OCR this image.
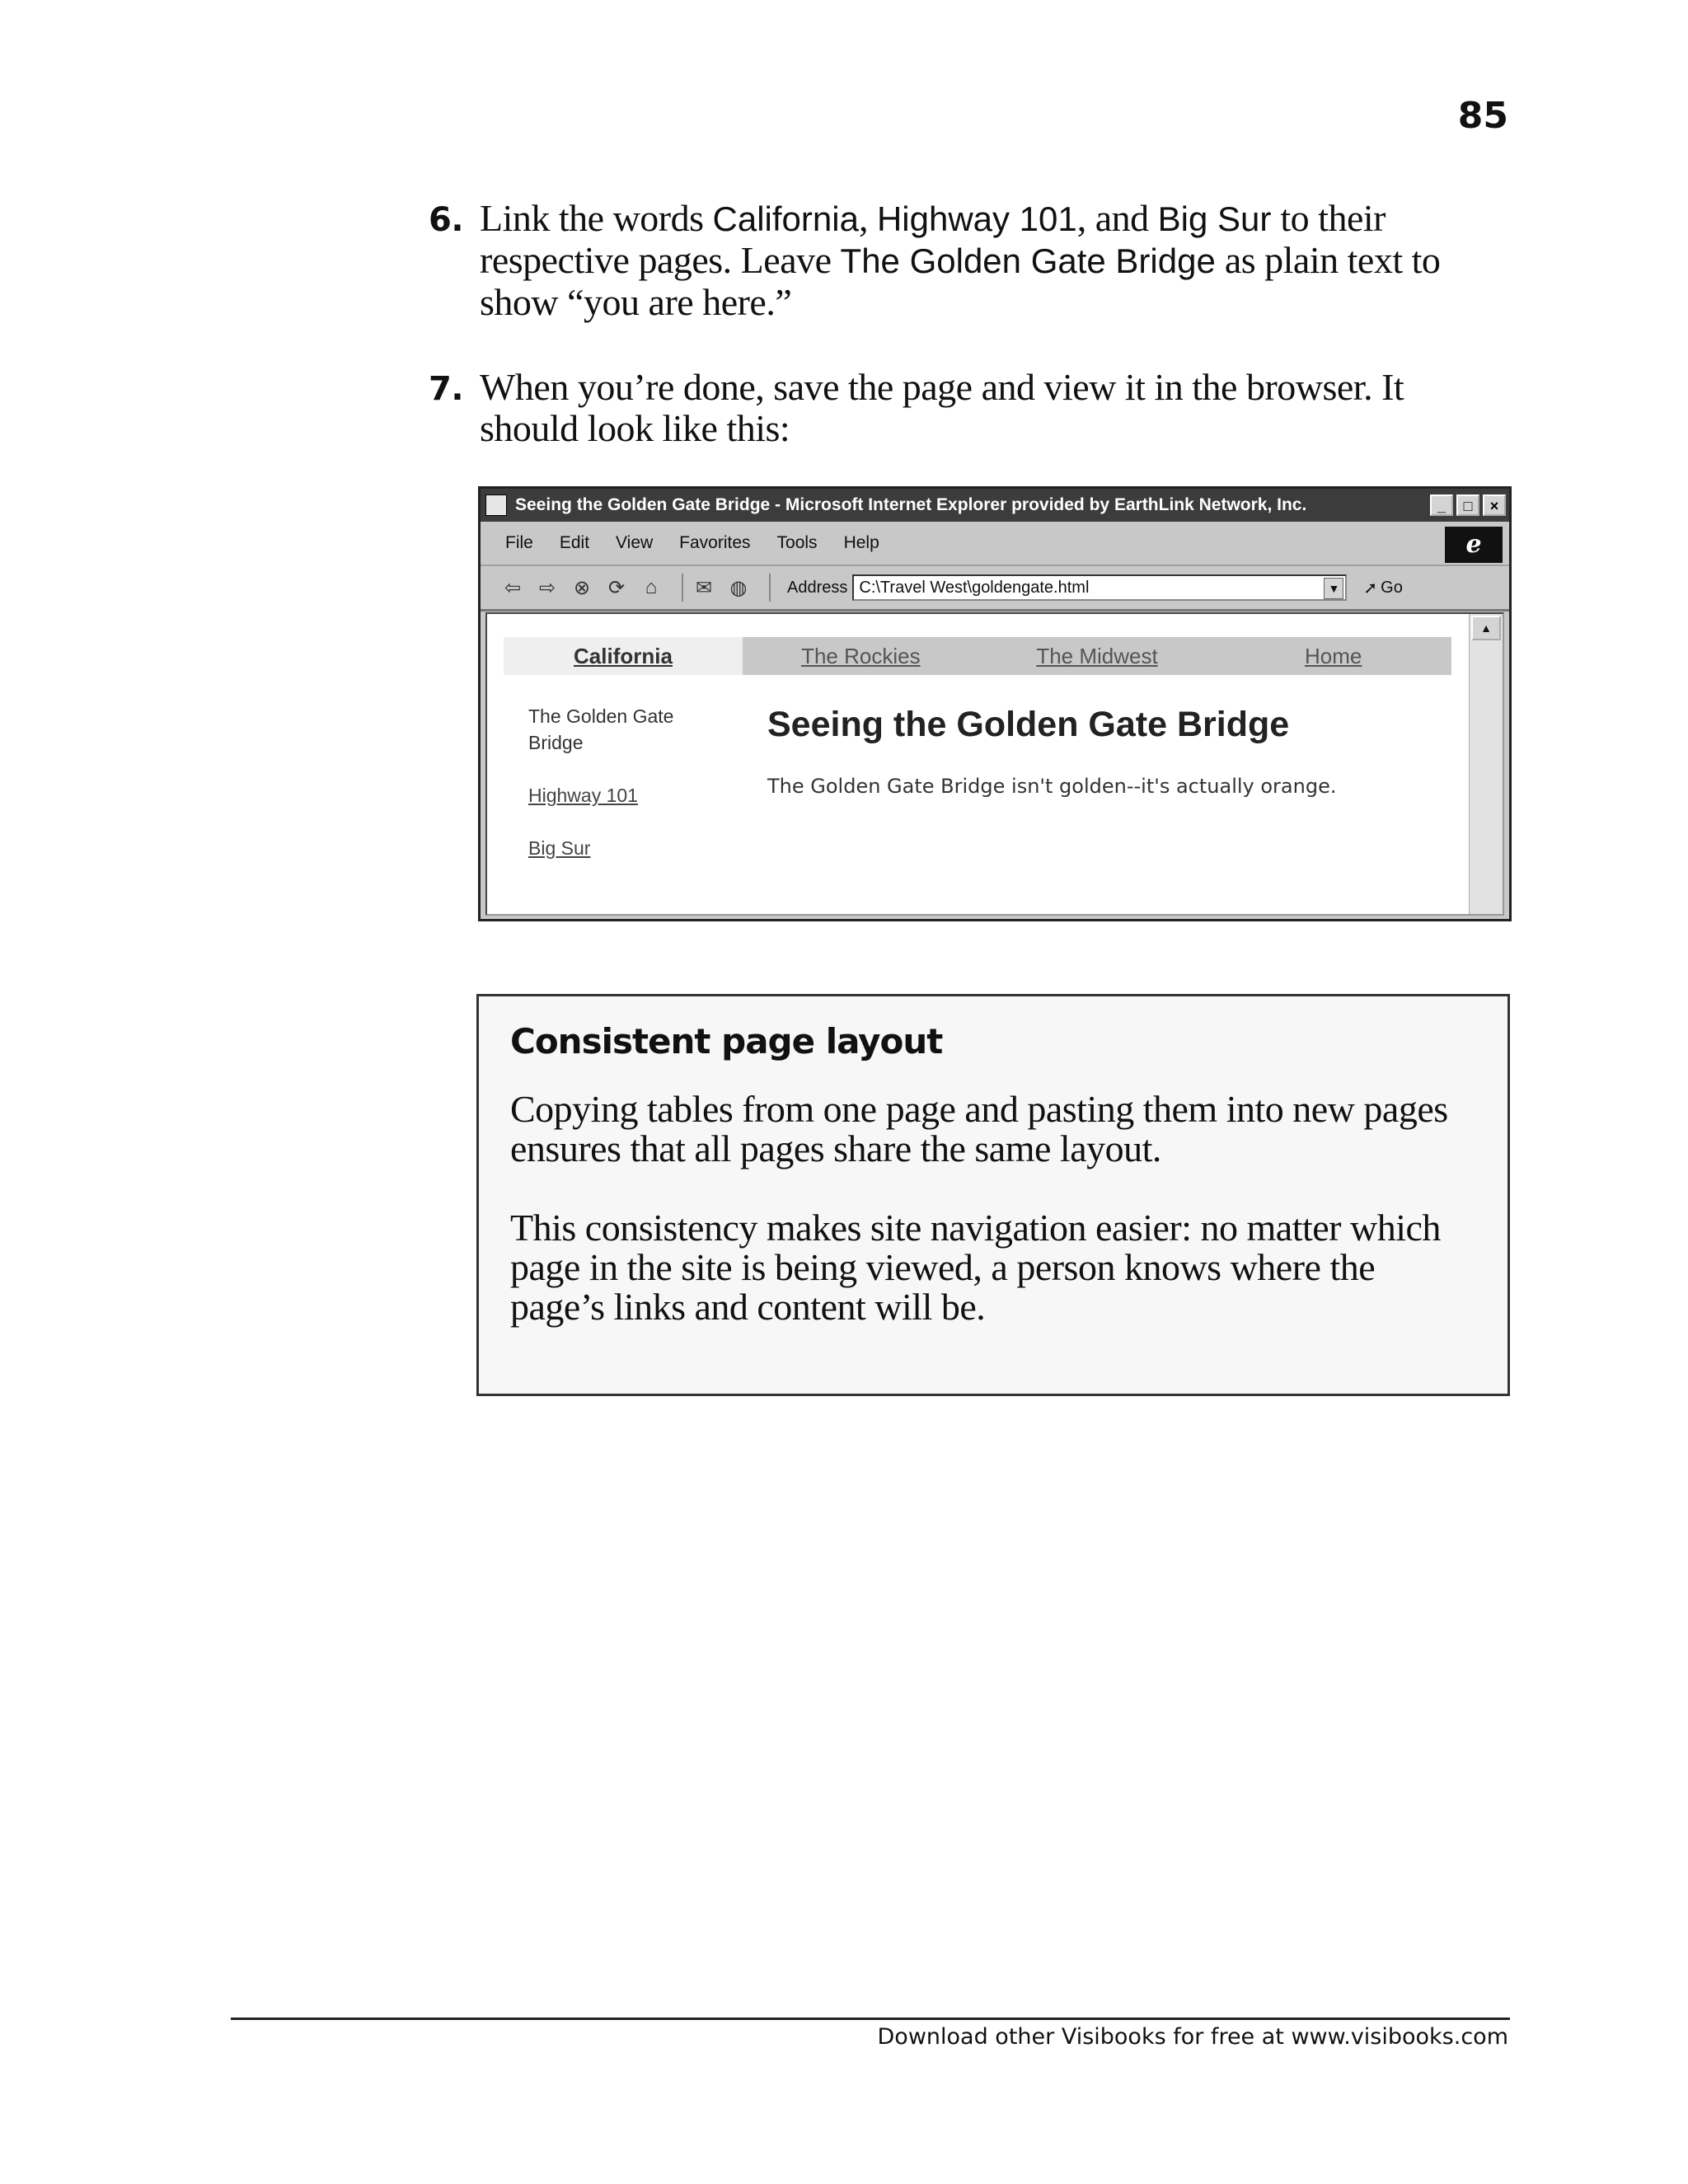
85
6. Link the words California, Highway 101, and Big Sur to their respective pages. Leave The Golden Gate Bridge as plain text to show “you are here.”
7. When you’re done, save the page and view it in the browser. It should look like this:
Seeing the Golden Gate Bridge - Microsoft Internet Explorer provided by EarthLink Network, Inc.	_	□	×
File Edit View Favorites Tools Help	e
⇦ ⇨ ⊗ ⟳	⌂	✉ ◍ Address C:\Travel West\goldengate.html	▼ ➚ Go
California	The Rockies	The Midwest	Home
The Golden Gate Bridge
Highway 101
Big Sur
Seeing the Golden Gate Bridge
The Golden Gate Bridge isn't golden--it's actually orange.
▲
Consistent page layout

Copying tables from one page and pasting them into new pages ensures that all pages share the same layout.

This consistency makes site navigation easier: no matter which page in the site is being viewed, a person knows where the page’s links and content will be.

Download other Visibooks for free at www.visibooks.com
